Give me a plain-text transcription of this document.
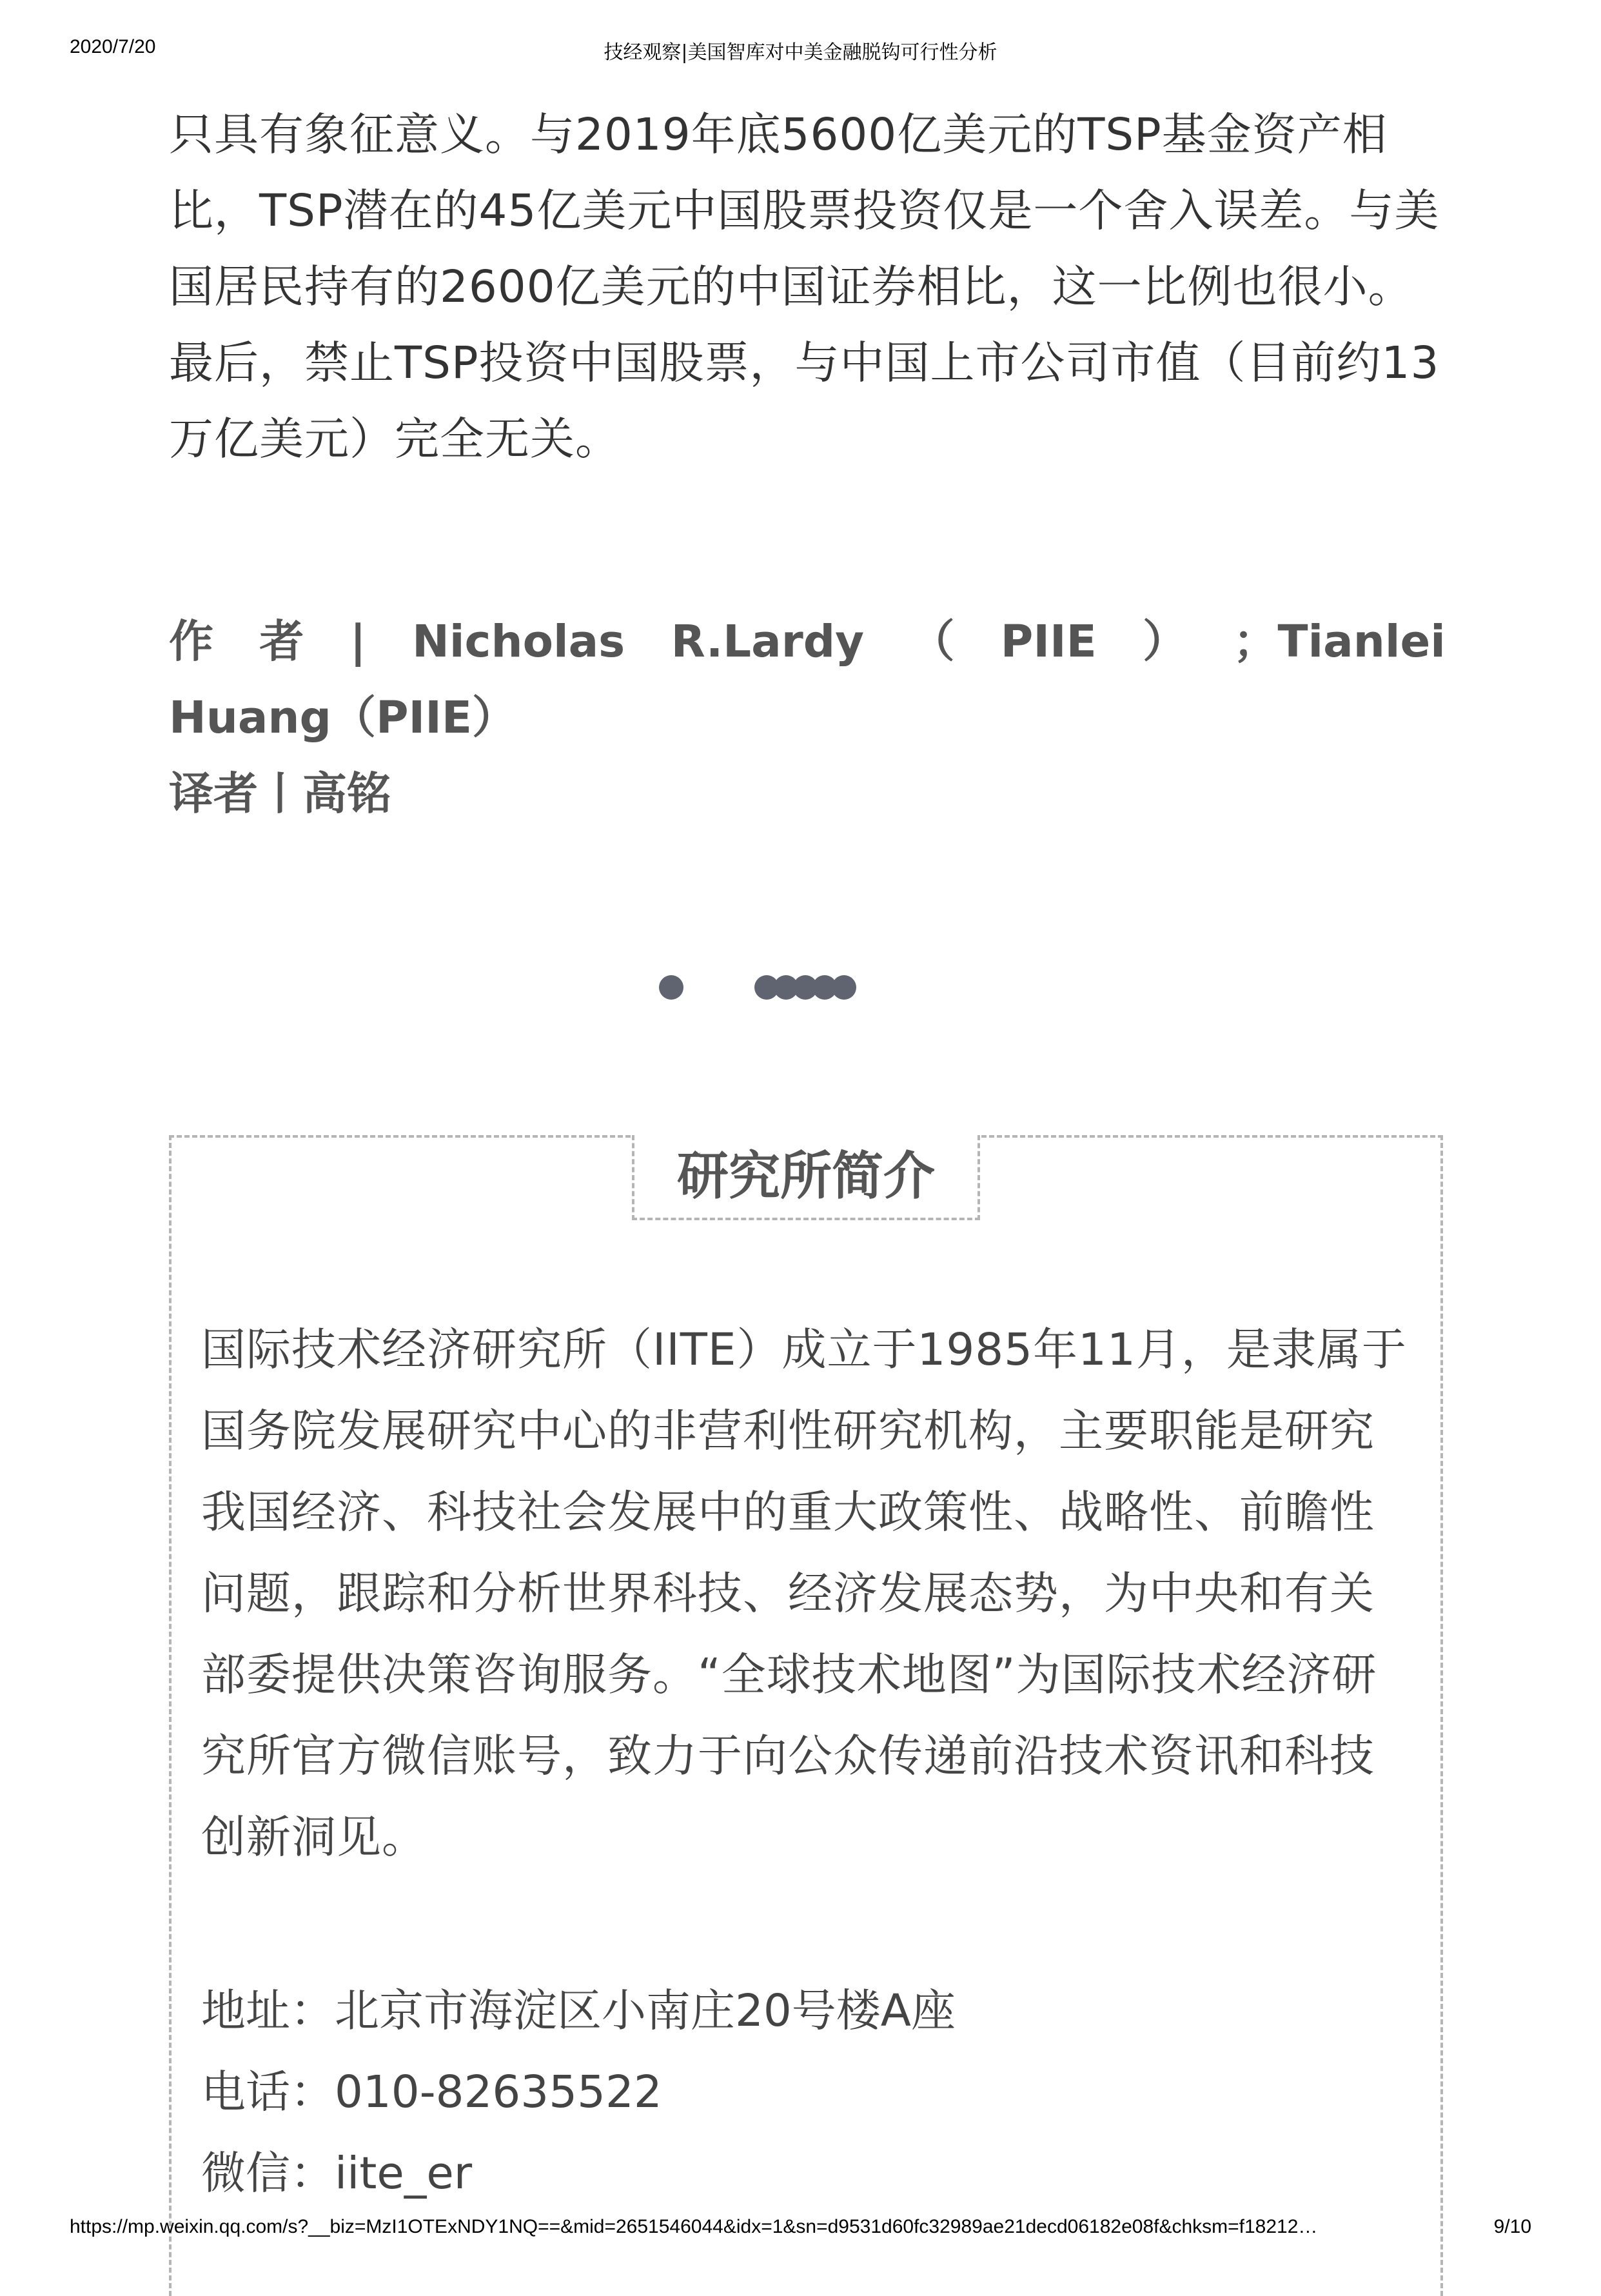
2020/7/20	技经观察|美国智库对中美金融脱钩可行性分析

只具有象征意义。与2019年底5600亿美元的TSP基金资产相比，TSP潜在的45亿美元中国股票投资仅是一个舍入误差。与美国居民持有的2600亿美元的中国证券相比，这一比例也很小。最后，禁止TSP投资中国股票，与中国上市公司市值（目前约13万亿美元）完全无关。

作 者 | Nicholas R.Lardy （ PIIE ） ；Tianlei
Huang（PIIE）
译者丨高铭
研究所简介

国际技术经济研究所（IITE）成立于1985年11月，是隶属于国务院发展研究中心的非营利性研究机构，主要职能是研究我国经济、科技社会发展中的重大政策性、战略性、前瞻性问题，跟踪和分析世界科技、经济发展态势，为中央和有关部委提供决策咨询服务。“全球技术地图”为国际技术经济研究所官方微信账号，致力于向公众传递前沿技术资讯和科技创新洞见。

地址：北京市海淀区小南庄20号楼A座
电话：010-82635522
微信：iite_er
https://mp.weixin.qq.com/s?__biz=MzI1OTExNDY1NQ==&mid=2651546044&idx=1&sn=d9531d60fc32989ae21decd06182e08f&chksm=f18212…	9/10
